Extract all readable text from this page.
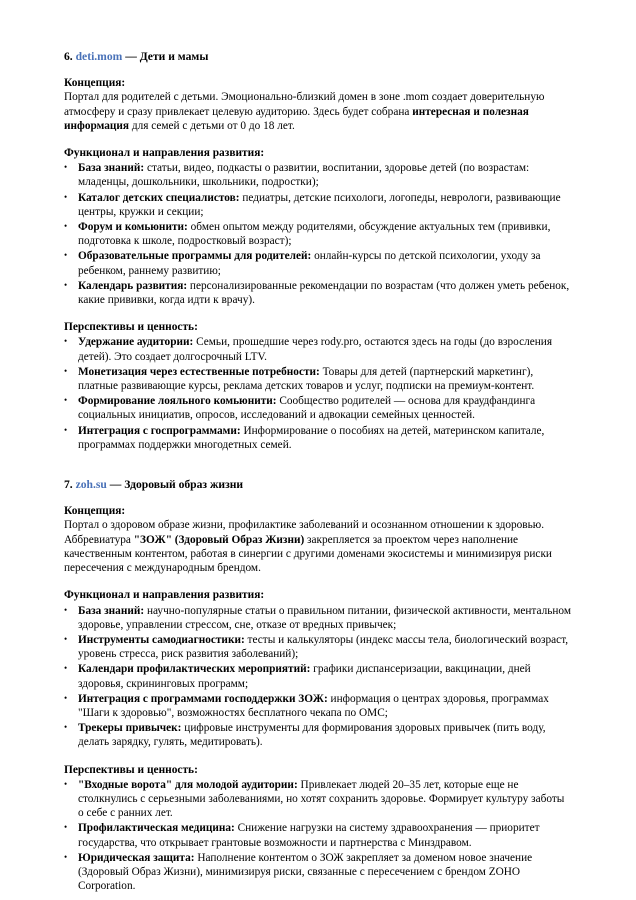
6. deti.mom — Дети и мамы
Концепция:

Портал для родителей с детьми. Эмоционально-близкий домен в зоне .mom создает доверительную атмосферу и сразу привлекает целевую аудиторию. Здесь будет собрана интересная и полезная информация для семей с детьми от 0 до 18 лет.

Функционал и направления развития:
• База знаний: статьи, видео, подкасты о развитии, воспитании, здоровье детей (по возрастам: младенцы, дошкольники, школьники, подростки);
• Каталог детских специалистов: педиатры, детские психологи, логопеды, неврологи, развивающие центры, кружки и секции;
• Форум и комьюнити: обмен опытом между родителями, обсуждение актуальных тем (прививки, подготовка к школе, подростковый возраст);
• Образовательные программы для родителей: онлайн-курсы по детской психологии, уходу за ребенком, раннему развитию;
• Календарь развития: персонализированные рекомендации по возрастам (что должен уметь ребенок, какие прививки, когда идти к врачу).
Перспективы и ценность:
• Удержание аудитории: Семьи, прошедшие через rody.pro, остаются здесь на годы (до взросления детей). Это создает долгосрочный LTV.
• Монетизация через естественные потребности: Товары для детей (партнерский маркетинг), платные развивающие курсы, реклама детских товаров и услуг, подписки на премиум-контент.
• Формирование лояльного комьюнити: Сообщество родителей — основа для краудфандинга социальных инициатив, опросов, исследований и адвокации семейных ценностей.
• Интеграция с госпрограммами: Информирование о пособиях на детей, материнском капитале, программах поддержки многодетных семей.
7. zoh.su — Здоровый образ жизни
Концепция:

Портал о здоровом образе жизни, профилактике заболеваний и осознанном отношении к здоровью. Аббревиатура "ЗОЖ" (Здоровый Образ Жизни) закрепляется за проектом через наполнение качественным контентом, работая в синергии с другими доменами экосистемы и минимизируя риски пересечения с международным брендом.

Функционал и направления развития:
• База знаний: научно-популярные статьи о правильном питании, физической активности, ментальном здоровье, управлении стрессом, сне, отказе от вредных привычек;
• Инструменты самодиагностики: тесты и калькуляторы (индекс массы тела, биологический возраст, уровень стресса, риск развития заболеваний);
• Календари профилактических мероприятий: графики диспансеризации, вакцинации, дней здоровья, скрининговых программ;
• Интеграция с программами господдержки ЗОЖ: информация о центрах здоровья, программах "Шаги к здоровью", возможностях бесплатного чекапа по ОМС;
• Трекеры привычек: цифровые инструменты для формирования здоровых привычек (пить воду, делать зарядку, гулять, медитировать).
Перспективы и ценность:
• "Входные ворота" для молодой аудитории: Привлекает людей 20–35 лет, которые еще не столкнулись с серьезными заболеваниями, но хотят сохранить здоровье. Формирует культуру заботы о себе с ранних лет.
• Профилактическая медицина: Снижение нагрузки на систему здравоохранения — приоритет государства, что открывает грантовые возможности и партнерства с Минздравом.
• Юридическая защита: Наполнение контентом о ЗОЖ закрепляет за доменом новое значение (Здоровый Образ Жизни), минимизируя риски, связанные с пересечением с брендом ZOHO Corporation.
